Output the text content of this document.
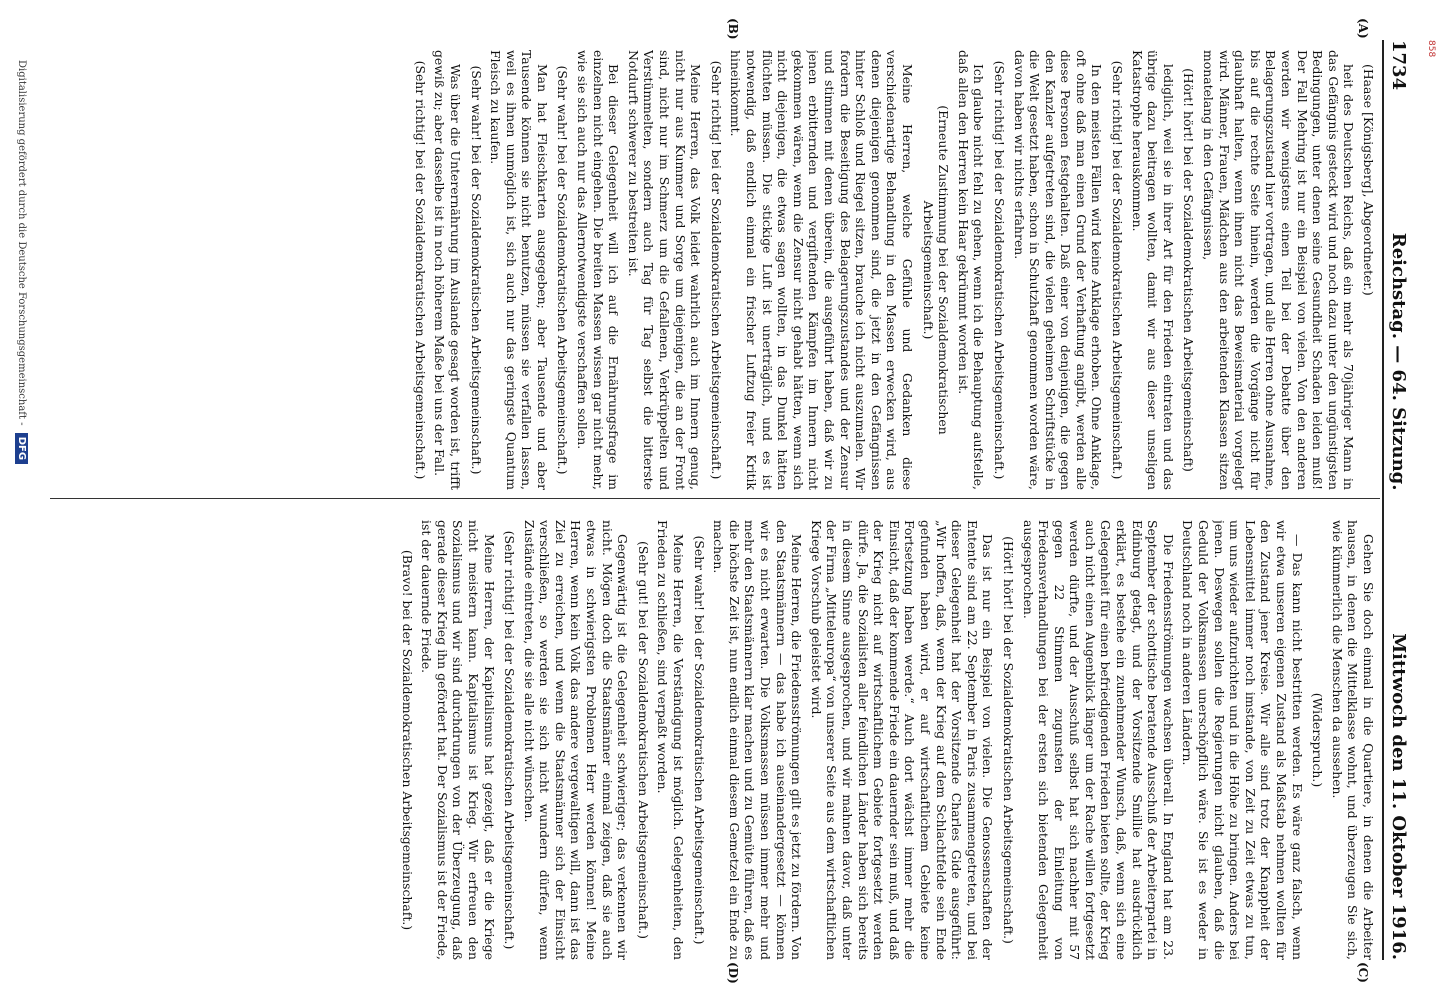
858
1734
Reichstag. — 64. Sitzung.
Mittwoch den 11. Oktober 1916.
(A)
(B)
(C)
(D)

(Haase [Königsberg], Abgeordneter.)

heit des Deutschen Reichs, daß ein mehr als 70jähriger Mann in das Gefängnis gesteckt wird und noch dazu unter den ungünstigsten Bedingungen, unter denen seine Gesundheit Schaden leiden muß! Der Fall Mehring ist nur ein Beispiel von vielen. Von den anderen werden wir wenigstens einen Teil bei der Debatte über den Belagerungszustand hier vortragen, und alle Herren ohne Ausnahme, bis auf die rechte Seite hinein, werden die Vorgänge nicht für glaubhaft halten, wenn ihnen nicht das Beweismaterial vorgelegt wird. Männer, Frauen, Mädchen aus den arbeitenden Klassen sitzen monatelang in den Gefängnissen,

(Hört! hört! bei der Sozialdemokratischen Arbeitsgemeinschaft)

lediglich, weil sie in ihrer Art für den Frieden eintraten und das übrige dazu beitragen wollten, damit wir aus dieser unseligen Katastrophe herauskommen.

(Sehr richtig! bei der Sozialdemokratischen Arbeitsgemeinschaft.)

In den meisten Fällen wird keine Anklage erhoben. Ohne Anklage, oft ohne daß man einen Grund der Verhaftung angibt, werden alle diese Personen festgehalten. Daß einer von denjenigen, die gegen den Kanzler aufgetreten sind, die vielen geheimen Schriftstücke in die Welt gesetzt haben, schon in Schutzhaft genommen worden wäre, davon haben wir nichts erfahren.

(Sehr richtig! bei der Sozialdemokratischen Arbeitsgemeinschaft.)

Ich glaube nicht fehl zu gehen, wenn ich die Behauptung aufstelle, daß allen den Herren kein Haar gekrümmt worden ist.

(Erneute Zustimmung bei der Sozialdemokratischen Arbeitsgemeinschaft.)

Meine Herren, welche Gefühle und Gedanken diese verschiedenartige Behandlung in den Massen erwecken wird, aus denen diejenigen genommen sind, die jetzt in den Gefängnissen hinter Schloß und Riegel sitzen, brauche ich nicht auszumalen. Wir fordern die Beseitigung des Belagerungszustandes und der Zensur und stimmen mit denen überein, die ausgeführt haben, daß wir zu jenen erbitternden und vergiftenden Kämpfen im Innern nicht gekommen wären, wenn die Zensur nicht gehabt hätten, wenn sich nicht diejenigen, die etwas sagen wollten, in das Dunkel hätten flüchten müssen. Die stickige Luft ist unerträglich, und es ist notwendig, daß endlich einmal ein frischer Luftzug freier Kritik hineinkommt.

(Sehr richtig! bei der Sozialdemokratischen Arbeitsgemeinschaft.)

Meine Herren, das Volk leidet wahrlich auch im Innern genug, nicht nur aus Kummer und Sorge um diejenigen, die an der Front sind, nicht nur im Schmerz um die Gefallenen, Verkrüppelten und Verstümmelten, sondern auch Tag für Tag selbst die bitterste Notdurft schwerer zu bestreiten ist.

Bei dieser Gelegenheit will ich auf die Ernährungsfrage im einzelnen nicht eingehen. Die breiten Massen wissen gar nicht mehr, wie sie sich auch nur das Allernotwendigste verschaffen sollen.

(Sehr wahr! bei der Sozialdemokratischen Arbeitsgemeinschaft.)

Man hat Fleischkarten ausgegeben; aber Tausende und aber Tausende können sie nicht benutzen, müssen sie verfallen lassen, weil es ihnen unmöglich ist, sich auch nur das geringste Quantum Fleisch zu kaufen.

(Sehr wahr! bei der Sozialdemokratischen Arbeitsgemeinschaft.)

Was über die Unterernährung im Auslande gesagt worden ist, trifft gewiß zu; aber dasselbe ist in noch höherem Maße bei uns der Fall.

(Sehr richtig! bei der Sozialdemokratischen Arbeitsgemeinschaft.)

Gehen Sie doch einmal in die Quartiere, in denen die Arbeiter hausen, in denen die Mittelklasse wohnt, und überzeugen Sie sich, wie kümmerlich die Menschen da aussehen.

(Widerspruch.)

— Das kann nicht bestritten werden. Es wäre ganz falsch, wenn wir etwa unseren eigenen Zustand als Maßstab nehmen wollten für den Zustand jener Kreise. Wir alle sind trotz der Knappheit der Lebensmittel immer noch imstande, von Zeit zu Zeit etwas zu tun, um uns wieder aufzurichten und in die Höhe zu bringen. Anders bei jenen. Deswegen sollen die Regierungen nicht glauben, daß die Geduld der Volksmassen unerschöpflich wäre. Sie ist es weder in Deutschland noch in anderen Ländern.

Die Friedensströmungen wachsen überall. In England hat am 23. September der schottische beratende Ausschuß der Arbeiterpartei in Edinburg getagt, und der Vorsitzende Smillie hat ausdrücklich erklärt, es bestehe ein zunehmender Wunsch, daß, wenn sich eine Gelegenheit für einen befriedigenden Frieden bieten sollte, der Krieg auch nicht einen Augenblick länger um der Rache willen fortgesetzt werden dürfte, und der Ausschuß selbst hat sich nachher mit 57 gegen 22 Stimmen zugunsten der Einleitung von Friedensverhandlungen bei der ersten sich bietenden Gelegenheit ausgesprochen.

(Hört! hört! bei der Sozialdemokratischen Arbeitsgemeinschaft.)

Das ist nur ein Beispiel von vielen. Die Genossenschaften der Entente sind am 22. September in Paris zusammengetreten, und bei dieser Gelegenheit hat der Vorsitzende Charles Gide ausgeführt: „Wir hoffen, daß, wenn der Krieg auf dem Schlachtfelde sein Ende gefunden haben wird, er auf wirtschaftlichem Gebiete keine Fortsetzung haben werde.“ Auch dort wächst immer mehr die Einsicht, daß der kommende Friede ein dauernder sein muß, und daß der Krieg nicht auf wirtschaftlichem Gebiete fortgesetzt werden dürfe. Ja, die Sozialisten aller feindlichen Länder haben sich bereits in diesem Sinne ausgesprochen, und wir mahnen davor, daß unter der Firma „Mitteleuropa“ von unserer Seite aus dem wirtschaftlichen Kriege Vorschub geleistet wird.

Meine Herren, die Friedensströmungen gilt es jetzt zu fördern. Von den Staatsmännern — das habe ich auseinandergesetzt — können wir es nicht erwarten. Die Volksmassen müssen immer mehr und mehr den Staatsmännern klar machen und zu Gemüte führen, daß es die höchste Zeit ist, nun endlich einmal diesem Gemetzel ein Ende zu machen.

(Sehr wahr! bei der Sozialdemokratischen Arbeitsgemeinschaft.)

Meine Herren, die Verständigung ist möglich. Gelegenheiten, den Frieden zu schließen, sind verpaßt worden.

(Sehr gut! bei der Sozialdemokratischen Arbeitsgemeinschaft.)

Gegenwärtig ist die Gelegenheit schwieriger; das verkennen wir nicht. Mögen doch die Staatsmänner einmal zeigen, daß sie auch etwas in schwierigsten Problemen Herr werden können! Meine Herren, wenn kein Volk das andere vergewaltigen will, dann ist das Ziel zu erreichen, und wenn die Staatsmänner sich der Einsicht verschließen, so werden sie sich nicht wundern dürfen, wenn Zustände eintreten, die sie alle nicht wünschen.

(Sehr richtig! bei der Sozialdemokratischen Arbeitsgemeinschaft.)

Meine Herren, der Kapitalismus hat gezeigt, daß er die Kriege nicht meistern kann. Kapitalismus ist Krieg. Wir erfreuen den Sozialismus und wir sind durchdrungen von der Überzeugung, daß gerade dieser Krieg ihn gefördert hat. Der Sozialismus ist der Friede, ist der dauernde Friede.

(Bravo! bei der Sozialdemokratischen Arbeitsgemeinschaft.)

Digitalisierung gefördert durch die Deutsche Forschungsgemeinschaft - DFG
